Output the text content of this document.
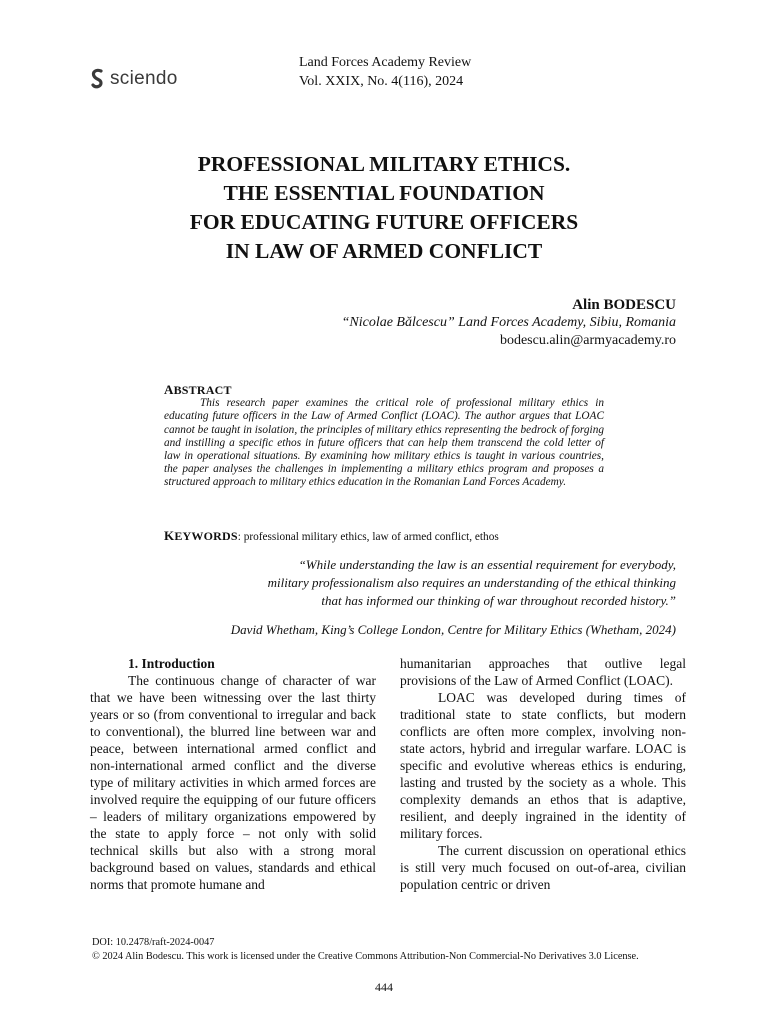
sciendo
Land Forces Academy Review
Vol. XXIX, No. 4(116), 2024
PROFESSIONAL MILITARY ETHICS.
THE ESSENTIAL FOUNDATION
FOR EDUCATING FUTURE OFFICERS
IN LAW OF ARMED CONFLICT
Alin BODESCU
“Nicolae Bălcescu” Land Forces Academy, Sibiu, Romania
bodescu.alin@armyacademy.ro
ABSTRACT
This research paper examines the critical role of professional military ethics in educating future officers in the Law of Armed Conflict (LOAC). The author argues that LOAC cannot be taught in isolation, the principles of military ethics representing the bedrock of forging and instilling a specific ethos in future officers that can help them transcend the cold letter of law in operational situations. By examining how military ethics is taught in various countries, the paper analyses the challenges in implementing a military ethics program and proposes a structured approach to military ethics education in the Romanian Land Forces Academy.
KEYWORDS: professional military ethics, law of armed conflict, ethos
“While understanding the law is an essential requirement for everybody,
military professionalism also requires an understanding of the ethical thinking
that has informed our thinking of war throughout recorded history.”
David Whetham, King’s College London, Centre for Military Ethics (Whetham, 2024)

1. Introduction

The continuous change of character of war that we have been witnessing over the last thirty years or so (from conventional to irregular and back to conventional), the blurred line between war and peace, between international armed conflict and non-international armed conflict and the diverse type of military activities in which armed forces are involved require the equipping of our future officers – leaders of military organizations empowered by the state to apply force – not only with solid technical skills but also with a strong moral background based on values, standards and ethical norms that promote humane and

humanitarian approaches that outlive legal provisions of the Law of Armed Conflict (LOAC).

LOAC was developed during times of traditional state to state conflicts, but modern conflicts are often more complex, involving non-state actors, hybrid and irregular warfare. LOAC is specific and evolutive whereas ethics is enduring, lasting and trusted by the society as a whole. This complexity demands an ethos that is adaptive, resilient, and deeply ingrained in the identity of military forces.

The current discussion on operational ethics is still very much focused on out-of-area, civilian population centric or driven

DOI: 10.2478/raft-2024-0047
© 2024 Alin Bodescu. This work is licensed under the Creative Commons Attribution-Non Commercial-No Derivatives 3.0 License.
444
